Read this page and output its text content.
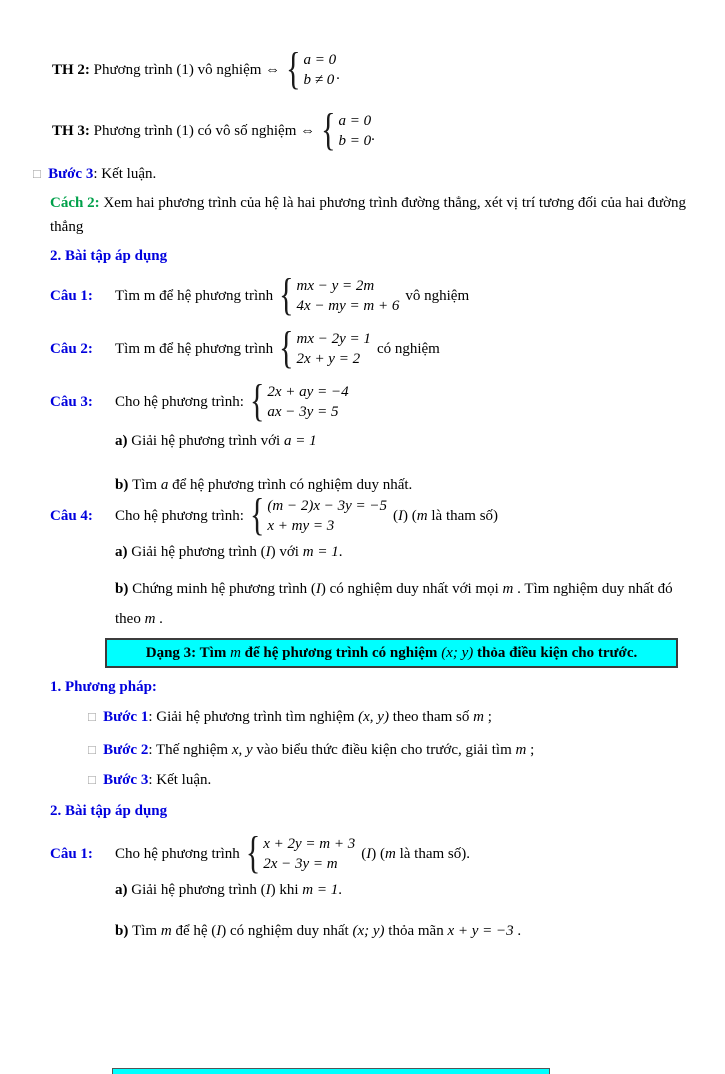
TH 2: Phương trình (1) vô nghiệm ⇔ { a = 0
b ≠ 0 .
TH 3: Phương trình (1) có vô số nghiệm ⇔ { a = 0
b = 0 .
□ Bước 3: Kết luận.
Cách 2: Xem hai phương trình của hệ là hai phương trình đường thẳng, xét vị trí tương đối của hai đường thẳng
2. Bài tập áp dụng
Câu 1:	Tìm m để hệ phương trình { mx − y = 2m
4x − my = m + 6
vô nghiệm
Câu 2:	Tìm m để hệ phương trình { mx − 2y = 1
2x + y = 2
có nghiệm
Câu 3:	Cho hệ phương trình: { 2x + ay = −4
ax − 3y = 5
a) Giải hệ phương trình với a = 1
b) Tìm a để hệ phương trình có nghiệm duy nhất.
Câu 4:	Cho hệ phương trình: { (m − 2)x − 3y = −5
x + my = 3
(I) (m là tham số)
a) Giải hệ phương trình (I) với m = 1.
b) Chứng minh hệ phương trình (I) có nghiệm duy nhất với mọi m . Tìm nghiệm duy nhất đó theo m .
Dạng 3: Tìm m để hệ phương trình có nghiệm (x; y) thỏa điều kiện cho trước.
1. Phương pháp:
□ Bước 1: Giải hệ phương trình tìm nghiệm (x, y) theo tham số m ;
□ Bước 2: Thế nghiệm x, y vào biểu thức điều kiện cho trước, giải tìm m ;
□ Bước 3: Kết luận.
2. Bài tập áp dụng
Câu 1:	Cho hệ phương trình { x + 2y = m + 3
2x − 3y = m
(I) (m là tham số).
a) Giải hệ phương trình (I) khi m = 1.
b) Tìm m để hệ (I) có nghiệm duy nhất (x; y) thỏa mãn x + y = −3 .
